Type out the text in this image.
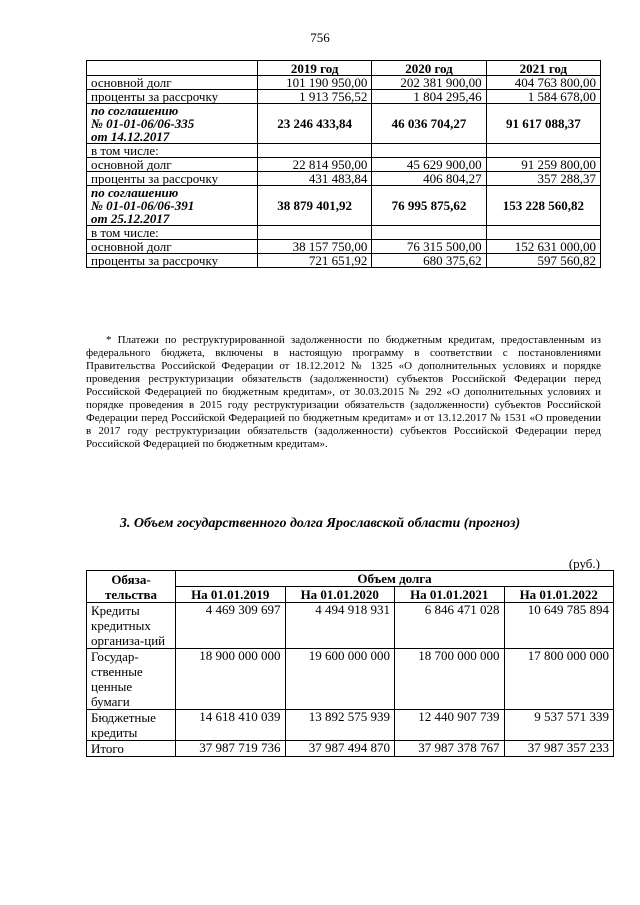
756
	2019 год	2020 год	2021 год
основной долг	101 190 950,00	202 381 900,00	404 763 800,00
проценты за рассрочку	1 913 756,52	1 804 295,46	1 584 678,00

по соглашению
№ 01-01-06/06-335
от 14.12.2017	23 246 433,84	46 036 704,27	91 617 088,37
в том числе:			
основной долг	22 814 950,00	45 629 900,00	91 259 800,00
проценты за рассрочку	431 483,84	406 804,27	357 288,37

по соглашению
№ 01-01-06/06-391
от 25.12.2017	38 879 401,92	76 995 875,62	153 228 560,82
в том числе:			
основной долг	38 157 750,00	76 315 500,00	152 631 000,00
проценты за рассрочку	721 651,92	680 375,62	597 560,82
* Платежи по реструктурированной задолженности по бюджетным кредитам, предоставленным из федерального бюджета, включены в настоящую программу в соответствии с постановлениями Правительства Российской Федерации от 18.12.2012 № 1325 «О дополнительных условиях и порядке проведения реструктуризации обязательств (задолженности) субъектов Российской Федерации перед Российской Федерацией по бюджетным кредитам», от 30.03.2015 № 292 «О дополнительных условиях и порядке проведения в 2015 году реструктуризации обязательств (задолженности) субъектов Российской Федерации перед Российской Федерацией по бюджетным кредитам» и от 13.12.2017 № 1531 «О проведении в 2017 году реструктуризации обязательств (задолженности) субъектов Российской Федерации перед Российской Федерацией по бюджетным кредитам».
3. Объем государственного долга Ярославской области (прогноз)
(руб.)
Обяза-тельства	Объем долга			
	На 01.01.2019	На 01.01.2020	На 01.01.2021	На 01.01.2022
Кредиты кредитных организа-ций	4 469 309 697	4 494 918 931	6 846 471 028	10 649 785 894
Государ-ственные ценные бумаги	18 900 000 000	19 600 000 000	18 700 000 000	17 800 000 000
Бюджетные кредиты	14 618 410 039	13 892 575 939	12 440 907 739	9 537 571 339
Итого	37 987 719 736	37 987 494 870	37 987 378 767	37 987 357 233
